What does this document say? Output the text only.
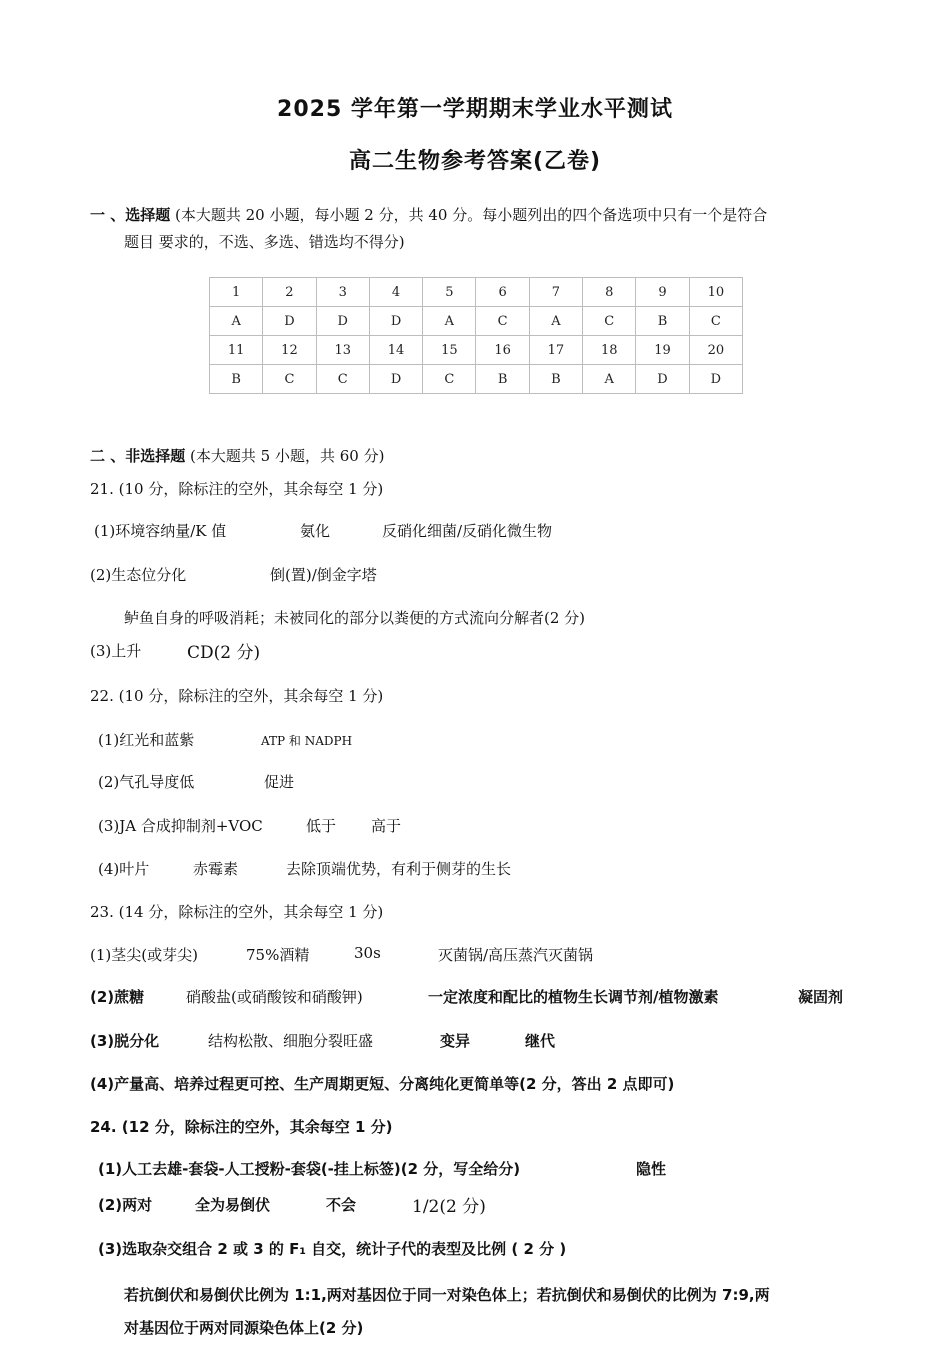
2025 学年第一学期期末学业水平测试
高二生物参考答案(乙卷)
一 、选择题 (本大题共 20 小题，每小题 2 分，共 40 分。每小题列出的四个备选项中只有一个是符合
题目 要求的，不选、多选、错选均不得分)
1	2	3	4	5	6	7	8	9	10
A	D	D	D	A	C	A	C	B	C
11	12	13	14	15	16	17	18	19	20
B	C	C	D	C	B	B	A	D	D
二 、非选择题 (本大题共 5 小题，共 60 分)
21. (10 分，除标注的空外，其余每空 1 分)
(1)环境容纳量/K 值	氨化	反硝化细菌/反硝化微生物
(2)生态位分化	倒(置)/倒金字塔
鲈鱼自身的呼吸消耗；未被同化的部分以粪便的方式流向分解者(2 分)
(3)上升	CD(2 分)
22. (10 分，除标注的空外，其余每空 1 分)
(1)红光和蓝紫	ATP 和 NADPH
(2)气孔导度低	促进
(3)JA 合成抑制剂+VOC	低于 高于
(4)叶片	赤霉素	去除顶端优势，有利于侧芽的生长
23. (14 分，除标注的空外，其余每空 1 分)
(1)茎尖(或芽尖)	75%酒精	30s	灭菌锅/高压蒸汽灭菌锅
(2)蔗糖	硝酸盐(或硝酸铵和硝酸钾)	一定浓度和配比的植物生长调节剂/植物激素	凝固剂
(3)脱分化	结构松散、细胞分裂旺盛	变异	继代
(4)产量高、培养过程更可控、生产周期更短、分离纯化更简单等(2 分，答出 2 点即可)
24. (12 分，除标注的空外，其余每空 1 分)
(1)人工去雄-套袋-人工授粉-套袋(-挂上标签)(2 分，写全给分)	隐性
(2)两对	全为易倒伏	不会	1/2(2 分)
(3)选取杂交组合 2 或 3 的 F₁ 自交，统计子代的表型及比例 ( 2 分 )
若抗倒伏和易倒伏比例为 1:1,两对基因位于同一对染色体上；若抗倒伏和易倒伏的比例为 7:9,两
对基因位于两对同源染色体上(2 分)
